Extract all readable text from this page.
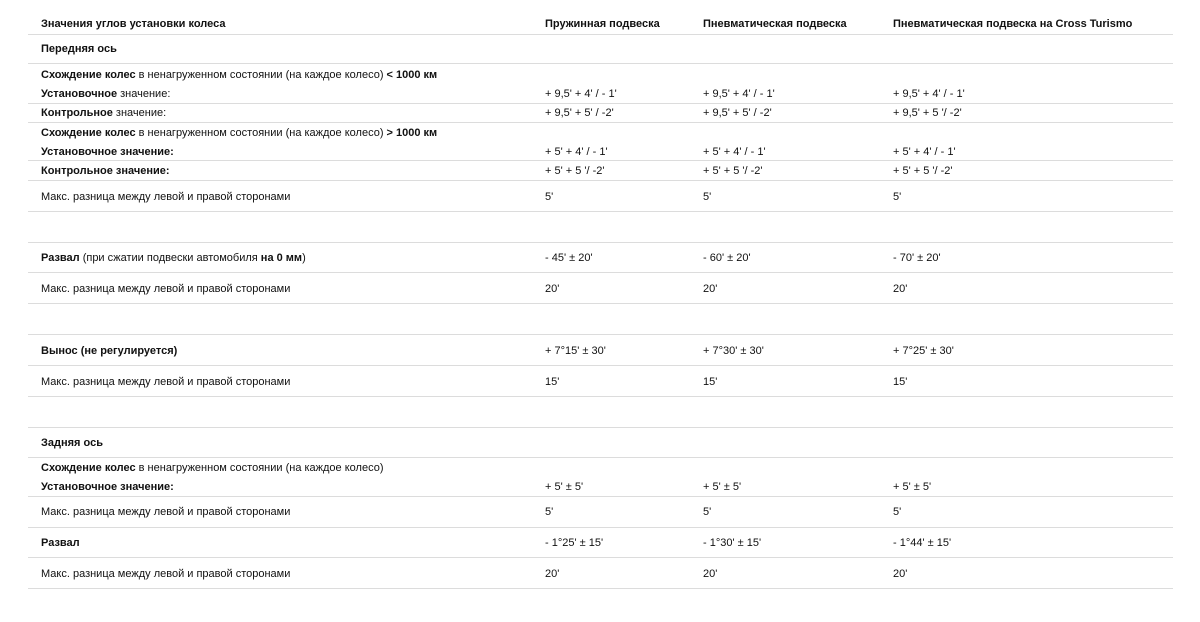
Значения углов установки колеса	Пружинная подвеска	Пневматическая подвеска	Пневматическая подвеска на Cross Turismo
Передняя ось
Схождение колес в ненагруженном состоянии (на каждое колесо) < 1000 км
Установочное значение:	+ 9,5' + 4' / - 1'	+ 9,5' + 4' / - 1'	+ 9,5' + 4' / - 1'
Контрольное значение:	+ 9,5' + 5' / -2'	+ 9,5' + 5' / -2'	+ 9,5' + 5 '/ -2'
Схождение колес в ненагруженном состоянии (на каждое колесо) > 1000 км
Установочное значение:	+ 5' + 4' / - 1'	+ 5' + 4' / - 1'	+ 5' + 4' / - 1'
Контрольное значение:	+ 5' + 5 '/ -2'	+ 5' + 5 '/ -2'	+ 5' + 5 '/ -2'
Макс. разница между левой и правой сторонами	5'	5'	5'
Развал (при сжатии подвески автомобиля на 0 мм)	- 45' ± 20'	- 60' ± 20'	- 70' ± 20'
Макс. разница между левой и правой сторонами	20'	20'	20'
Вынос (не регулируется)	+ 7°15' ± 30'	+ 7°30' ± 30'	+ 7°25' ± 30'
Макс. разница между левой и правой сторонами	15'	15'	15'
Задняя ось
Схождение колес в ненагруженном состоянии (на каждое колесо)
Установочное значение:	+ 5' ± 5'	+ 5' ± 5'	+ 5' ± 5'
Макс. разница между левой и правой сторонами	5'	5'	5'
Развал	- 1°25' ± 15'	- 1°30' ± 15'	- 1°44' ± 15'
Макс. разница между левой и правой сторонами	20'	20'	20'
